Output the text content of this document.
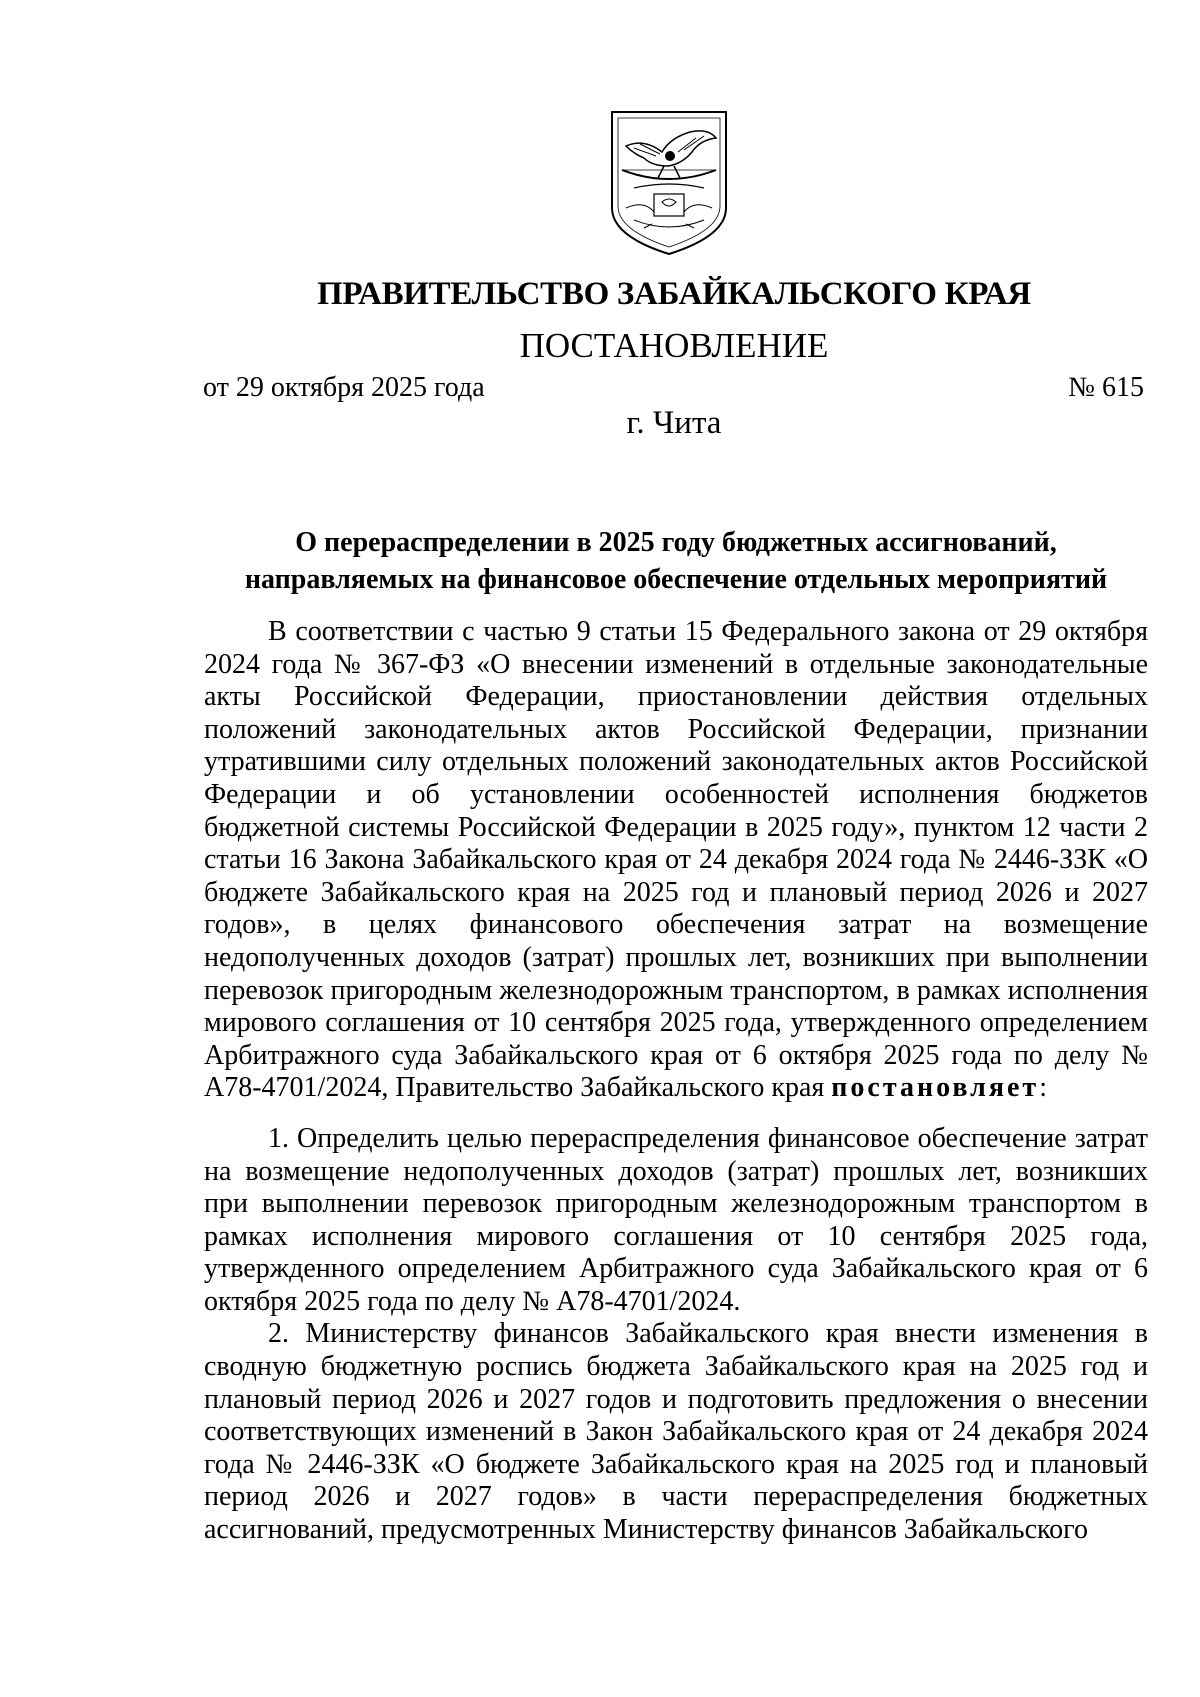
ПРАВИТЕЛЬСТВО ЗАБАЙКАЛЬСКОГО КРАЯ
ПОСТАНОВЛЕНИЕ
от 29 октября 2025 года	№ 615
г. Чита
О перераспределении в 2025 году бюджетных ассигнований,
направляемых на финансовое обеспечение отдельных мероприятий

В соответствии с частью 9 статьи 15 Федерального закона от 29 октября 2024 года № 367-ФЗ «О внесении изменений в отдельные законодательные акты Российской Федерации, приостановлении действия отдельных положений законодательных актов Российской Федерации, признании утратившими силу отдельных положений законодательных актов Российской Федерации и об установлении особенностей исполнения бюджетов бюджетной системы Российской Федерации в 2025 году», пунктом 12 части 2 статьи 16 Закона Забайкальского края от 24 декабря 2024 года № 2446-ЗЗК «О бюджете Забайкальского края на 2025 год и плановый период 2026 и 2027 годов», в целях финансового обеспечения затрат на возмещение недополученных доходов (затрат) прошлых лет, возникших при выполнении перевозок пригородным железнодорожным транспортом, в рамках исполнения мирового соглашения от 10 сентября 2025 года, утвержденного определением Арбитражного суда Забайкальского края от 6 октября 2025 года по делу № А78-4701/2024, Правительство Забайкальского края постановляет:

1. Определить целью перераспределения финансовое обеспечение затрат на возмещение недополученных доходов (затрат) прошлых лет, возникших при выполнении перевозок пригородным железнодорожным транспортом в рамках исполнения мирового соглашения от 10 сентября 2025 года, утвержденного определением Арбитражного суда Забайкальского края от 6 октября 2025 года по делу № А78-4701/2024.

2. Министерству финансов Забайкальского края внести изменения в сводную бюджетную роспись бюджета Забайкальского края на 2025 год и плановый период 2026 и 2027 годов и подготовить предложения о внесении соответствующих изменений в Закон Забайкальского края от 24 декабря 2024 года № 2446-ЗЗК «О бюджете Забайкальского края на 2025 год и плановый период 2026 и 2027 годов» в части перераспределения бюджетных ассигнований, предусмотренных Министерству финансов Забайкальского
